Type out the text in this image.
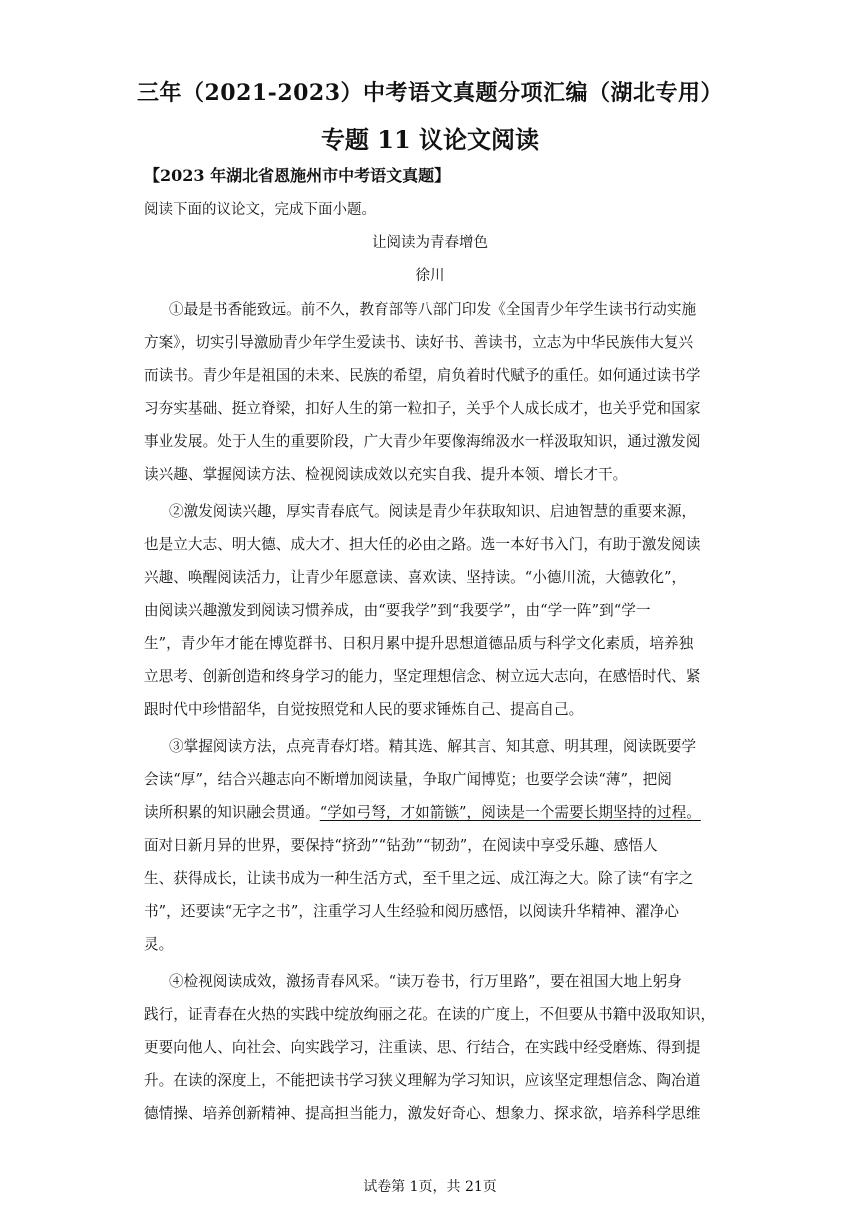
三年（2021-2023）中考语文真题分项汇编（湖北专用）
专题 11 议论文阅读
【2023 年湖北省恩施州市中考语文真题】
阅读下面的议论文，完成下面小题。
让阅读为青春增色
徐川
①最是书香能致远。前不久，教育部等八部门印发《全国青少年学生读书行动实施
方案》，切实引导激励青少年学生爱读书、读好书、善读书，立志为中华民族伟大复兴
而读书。青少年是祖国的未来、民族的希望，肩负着时代赋予的重任。如何通过读书学
习夯实基础、挺立脊梁，扣好人生的第一粒扣子，关乎个人成长成才，也关乎党和国家
事业发展。处于人生的重要阶段，广大青少年要像海绵汲水一样汲取知识，通过激发阅
读兴趣、掌握阅读方法、检视阅读成效以充实自我、提升本领、增长才干。
②激发阅读兴趣，厚实青春底气。阅读是青少年获取知识、启迪智慧的重要来源，
也是立大志、明大德、成大才、担大任的必由之路。选一本好书入门，有助于激发阅读
兴趣、唤醒阅读活力，让青少年愿意读、喜欢读、坚持读。“小德川流，大德敦化”，
由阅读兴趣激发到阅读习惯养成，由“要我学”到“我要学”，由“学一阵”到“学一
生”，青少年才能在博览群书、日积月累中提升思想道德品质与科学文化素质，培养独
立思考、创新创造和终身学习的能力，坚定理想信念、树立远大志向，在感悟时代、紧
跟时代中珍惜韶华，自觉按照党和人民的要求锤炼自己、提高自己。
③掌握阅读方法，点亮青春灯塔。精其选、解其言、知其意、明其理，阅读既要学
会读“厚”，结合兴趣志向不断增加阅读量，争取广闻博览；也要学会读“薄”，把阅
读所积累的知识融会贯通。“学如弓弩，才如箭镞”，阅读是一个需要长期坚持的过程。
面对日新月异的世界，要保持“挤劲”“钻劲”“韧劲”，在阅读中享受乐趣、感悟人
生、获得成长，让读书成为一种生活方式，至千里之远、成江海之大。除了读“有字之
书”，还要读“无字之书”，注重学习人生经验和阅历感悟，以阅读升华精神、濯净心
灵。
④检视阅读成效，激扬青春风采。“读万卷书，行万里路”，要在祖国大地上躬身
践行，证青春在火热的实践中绽放绚丽之花。在读的广度上，不但要从书籍中汲取知识，
更要向他人、向社会、向实践学习，注重读、思、行结合，在实践中经受磨炼、得到提
升。在读的深度上，不能把读书学习狭义理解为学习知识，应该坚定理想信念、陶冶道
德情操、培养创新精神、提高担当能力，激发好奇心、想象力、探求欲，培养科学思维
试卷第 1页，共 21页
